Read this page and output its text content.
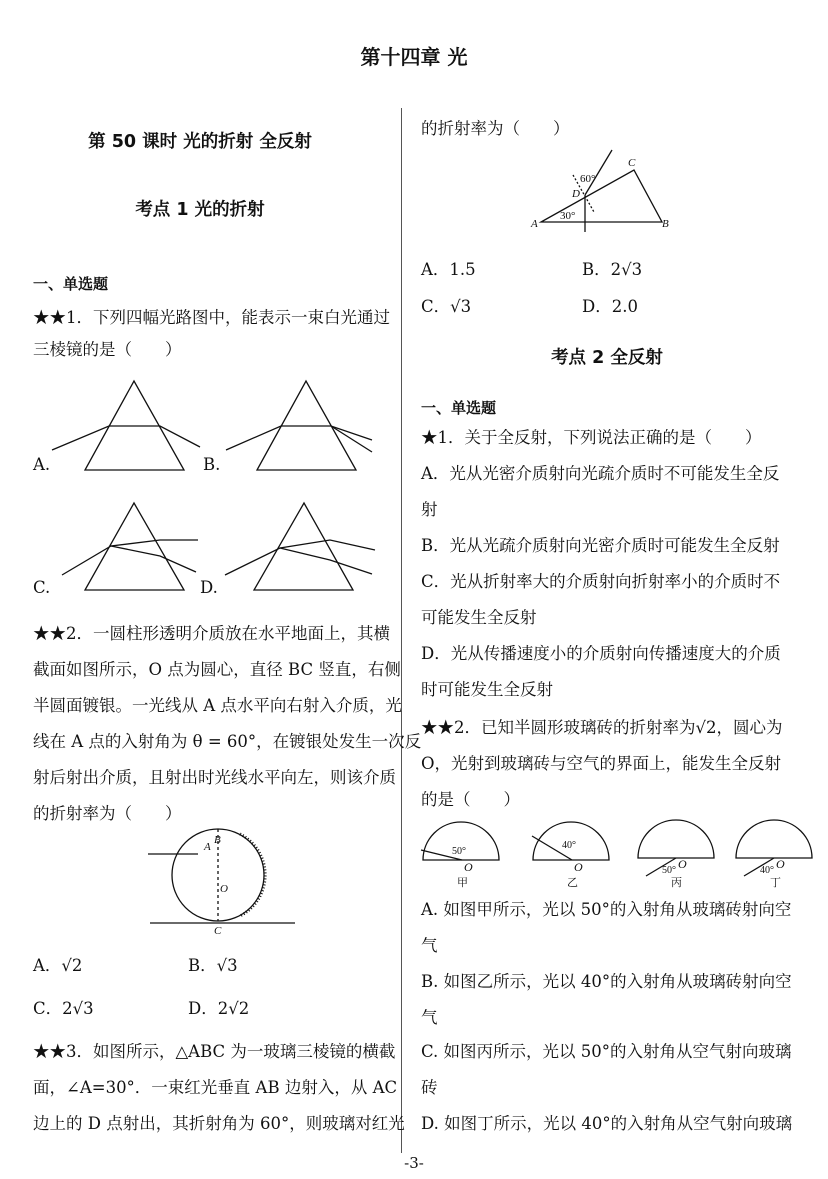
第十四章 光
第 50 课时 光的折射 全反射
考点 1 光的折射
一、单选题
★★1．下列四幅光路图中，能表示一束白光通过
三棱镜的是（　　）
A
B
O
C
C
60°
D
30°
A	B
A.	B.
C.	D.
★★2．一圆柱形透明介质放在水平地面上，其横
截面如图所示，O 点为圆心，直径 BC 竖直，右侧
半圆面镀银。一光线从 A 点水平向右射入介质，光
线在 A 点的入射角为 θ = 60°，在镀银处发生一次反
射后射出介质，且射出时光线水平向左，则该介质
的折射率为（　　）
A．√2	B．√3
C．2√3	D．2√2
★★3．如图所示，△ABC 为一玻璃三棱镜的横截
面，∠A=30°．一束红光垂直 AB 边射入，从 AC
边上的 D 点射出，其折射角为 60°，则玻璃对红光
的折射率为（　　）
A．1.5	B．2√3
C．√3	D．2.0
考点 2 全反射
一、单选题
★1．关于全反射，下列说法正确的是（　　）
A．光从光密介质射向光疏介质时不可能发生全反
射
B．光从光疏介质射向光密介质时可能发生全反射
C．光从折射率大的介质射向折射率小的介质时不
可能发生全反射
D．光从传播速度小的介质射向传播速度大的介质
时可能发生全反射
★★2．已知半圆形玻璃砖的折射率为√2，圆心为
O，光射到玻璃砖与空气的界面上，能发生全反射
的是（　　）
50°
O
甲
40°
O
乙
50° O
丙
40° O
丁
A. 如图甲所示，光以 50°的入射角从玻璃砖射向空
气
B. 如图乙所示，光以 40°的入射角从玻璃砖射向空
气
C. 如图丙所示，光以 50°的入射角从空气射向玻璃
砖
D. 如图丁所示，光以 40°的入射角从空气射向玻璃
-3-
